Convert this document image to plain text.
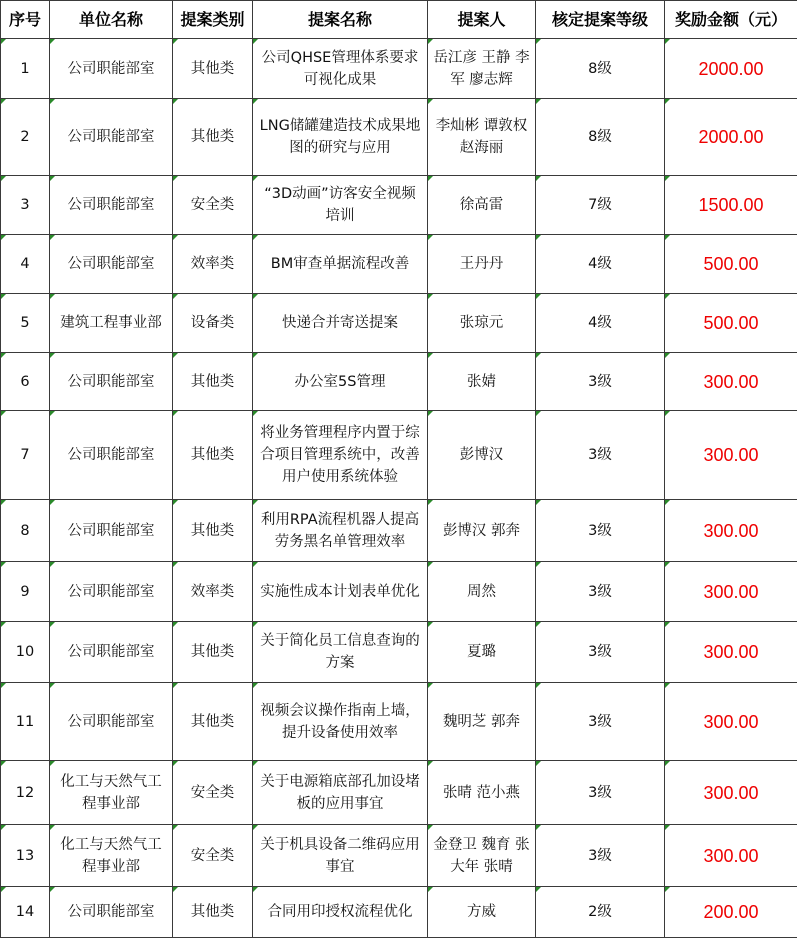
序号	单位名称	提案类别	提案名称	提案人	核定提案等级	奖励金额（元）
1	公司职能部室	其他类	公司QHSE管理体系要求可视化成果	岳江彦 王静 李军 廖志辉	8级	2000.00
2	公司职能部室	其他类	LNG储罐建造技术成果地图的研究与应用	李灿彬 谭敦权 赵海丽	8级	2000.00
3	公司职能部室	安全类	“3D动画”访客安全视频培训	徐高雷	7级	1500.00
4	公司职能部室	效率类	BM审查单据流程改善	王丹丹	4级	500.00
5	建筑工程事业部	设备类	快递合并寄送提案	张琼元	4级	500.00
6	公司职能部室	其他类	办公室5S管理	张婧	3级	300.00
7	公司职能部室	其他类	将业务管理程序内置于综合项目管理系统中，改善用户使用系统体验	彭博汉	3级	300.00
8	公司职能部室	其他类	利用RPA流程机器人提高劳务黑名单管理效率	彭博汉 郭奔	3级	300.00
9	公司职能部室	效率类	实施性成本计划表单优化	周然	3级	300.00
10	公司职能部室	其他类	关于简化员工信息查询的方案	夏璐	3级	300.00
11	公司职能部室	其他类	视频会议操作指南上墙，提升设备使用效率	魏明芝 郭奔	3级	300.00
12	化工与天然气工程事业部	安全类	关于电源箱底部孔加设堵板的应用事宜	张晴 范小燕	3级	300.00
13	化工与天然气工程事业部	安全类	关于机具设备二维码应用事宜	金登卫 魏育 张大年 张晴	3级	300.00
14	公司职能部室	其他类	合同用印授权流程优化	方威	2级	200.00
